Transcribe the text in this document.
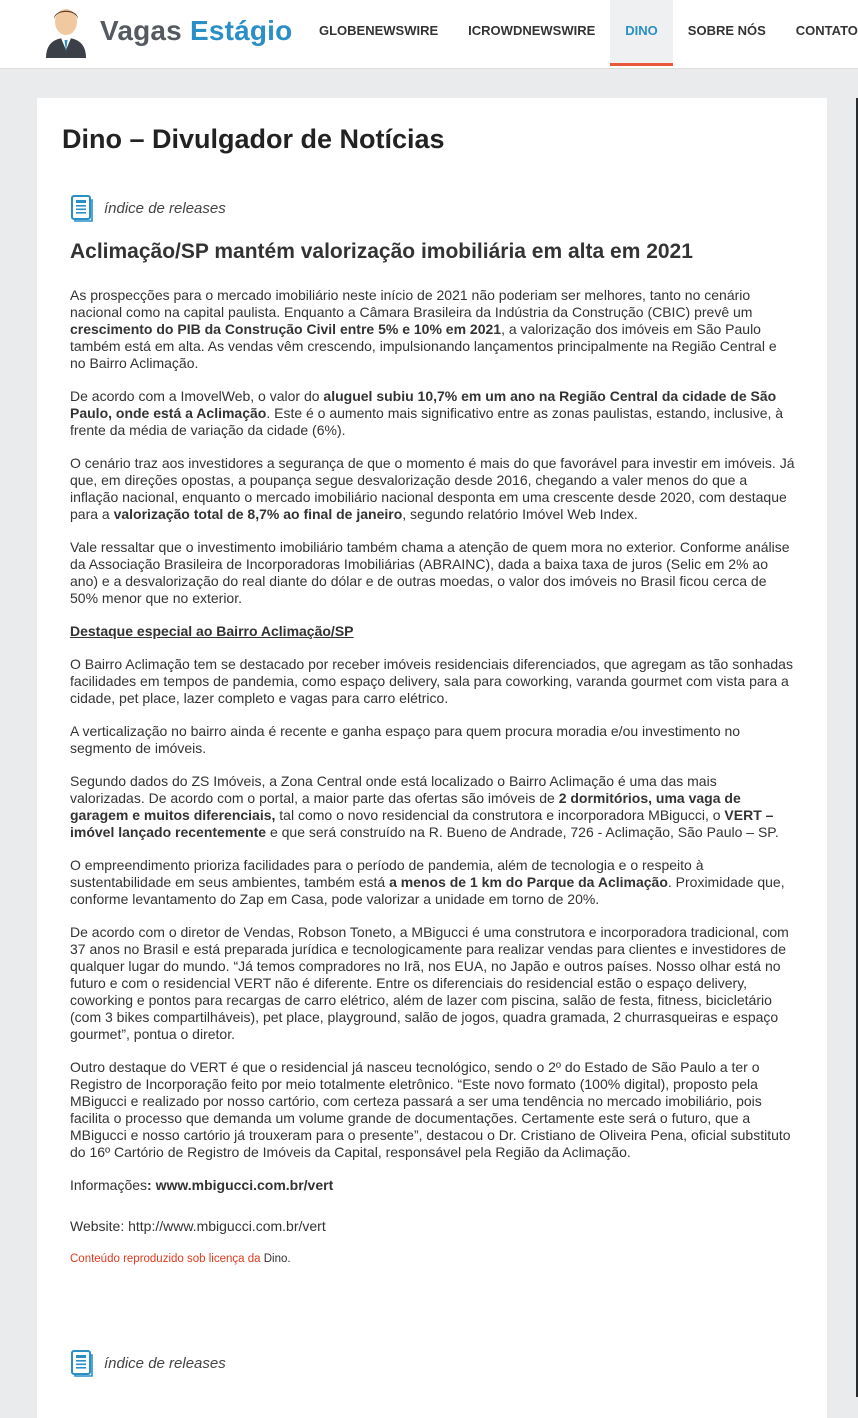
Vagas Estágio	GLOBENEWSWIRE	ICROWDNEWSWIRE	DINO	SOBRE NÓS	CONTATO
Dino – Divulgador de Notícias
índice de releases
Aclimação/SP mantém valorização imobiliária em alta em 2021

As prospecções para o mercado imobiliário neste início de 2021 não poderiam ser melhores, tanto no cenário nacional como na capital paulista. Enquanto a Câmara Brasileira da Indústria da Construção (CBIC) prevê um crescimento do PIB da Construção Civil entre 5% e 10% em 2021, a valorização dos imóveis em São Paulo também está em alta. As vendas vêm crescendo, impulsionando lançamentos principalmente na Região Central e no Bairro Aclimação.

De acordo com a ImovelWeb, o valor do aluguel subiu 10,7% em um ano na Região Central da cidade de São Paulo, onde está a Aclimação. Este é o aumento mais significativo entre as zonas paulistas, estando, inclusive, à frente da média de variação da cidade (6%).

O cenário traz aos investidores a segurança de que o momento é mais do que favorável para investir em imóveis. Já que, em direções opostas, a poupança segue desvalorização desde 2016, chegando a valer menos do que a inflação nacional, enquanto o mercado imobiliário nacional desponta em uma crescente desde 2020, com destaque para a valorização total de 8,7% ao final de janeiro, segundo relatório Imóvel Web Index.

Vale ressaltar que o investimento imobiliário também chama a atenção de quem mora no exterior. Conforme análise da Associação Brasileira de Incorporadoras Imobiliárias (ABRAINC), dada a baixa taxa de juros (Selic em 2% ao ano) e a desvalorização do real diante do dólar e de outras moedas, o valor dos imóveis no Brasil ficou cerca de 50% menor que no exterior.

Destaque especial ao Bairro Aclimação/SP

O Bairro Aclimação tem se destacado por receber imóveis residenciais diferenciados, que agregam as tão sonhadas facilidades em tempos de pandemia, como espaço delivery, sala para coworking, varanda gourmet com vista para a cidade, pet place, lazer completo e vagas para carro elétrico.

A verticalização no bairro ainda é recente e ganha espaço para quem procura moradia e/ou investimento no segmento de imóveis.

Segundo dados do ZS Imóveis, a Zona Central onde está localizado o Bairro Aclimação é uma das mais valorizadas. De acordo com o portal, a maior parte das ofertas são imóveis de 2 dormitórios, uma vaga de garagem e muitos diferenciais, tal como o novo residencial da construtora e incorporadora MBigucci, o VERT – imóvel lançado recentemente e que será construído na R. Bueno de Andrade, 726 - Aclimação, São Paulo – SP.

O empreendimento prioriza facilidades para o período de pandemia, além de tecnologia e o respeito à sustentabilidade em seus ambientes, também está a menos de 1 km do Parque da Aclimação. Proximidade que, conforme levantamento do Zap em Casa, pode valorizar a unidade em torno de 20%.

De acordo com o diretor de Vendas, Robson Toneto, a MBigucci é uma construtora e incorporadora tradicional, com 37 anos no Brasil e está preparada jurídica e tecnologicamente para realizar vendas para clientes e investidores de qualquer lugar do mundo. “Já temos compradores no Irã, nos EUA, no Japão e outros países. Nosso olhar está no futuro e com o residencial VERT não é diferente. Entre os diferenciais do residencial estão o espaço delivery, coworking e pontos para recargas de carro elétrico, além de lazer com piscina, salão de festa, fitness, bicicletário (com 3 bikes compartilháveis), pet place, playground, salão de jogos, quadra gramada, 2 churrasqueiras e espaço gourmet”, pontua o diretor.

Outro destaque do VERT é que o residencial já nasceu tecnológico, sendo o 2º do Estado de São Paulo a ter o Registro de Incorporação feito por meio totalmente eletrônico. “Este novo formato (100% digital), proposto pela MBigucci e realizado por nosso cartório, com certeza passará a ser uma tendência no mercado imobiliário, pois facilita o processo que demanda um volume grande de documentações. Certamente este será o futuro, que a MBigucci e nosso cartório já trouxeram para o presente”, destacou o Dr. Cristiano de Oliveira Pena, oficial substituto do 16º Cartório de Registro de Imóveis da Capital, responsável pela Região da Aclimação.

Informações: www.mbigucci.com.br/vert

Website: http://www.mbigucci.com.br/vert

Conteúdo reproduzido sob licença da Dino.

índice de releases
